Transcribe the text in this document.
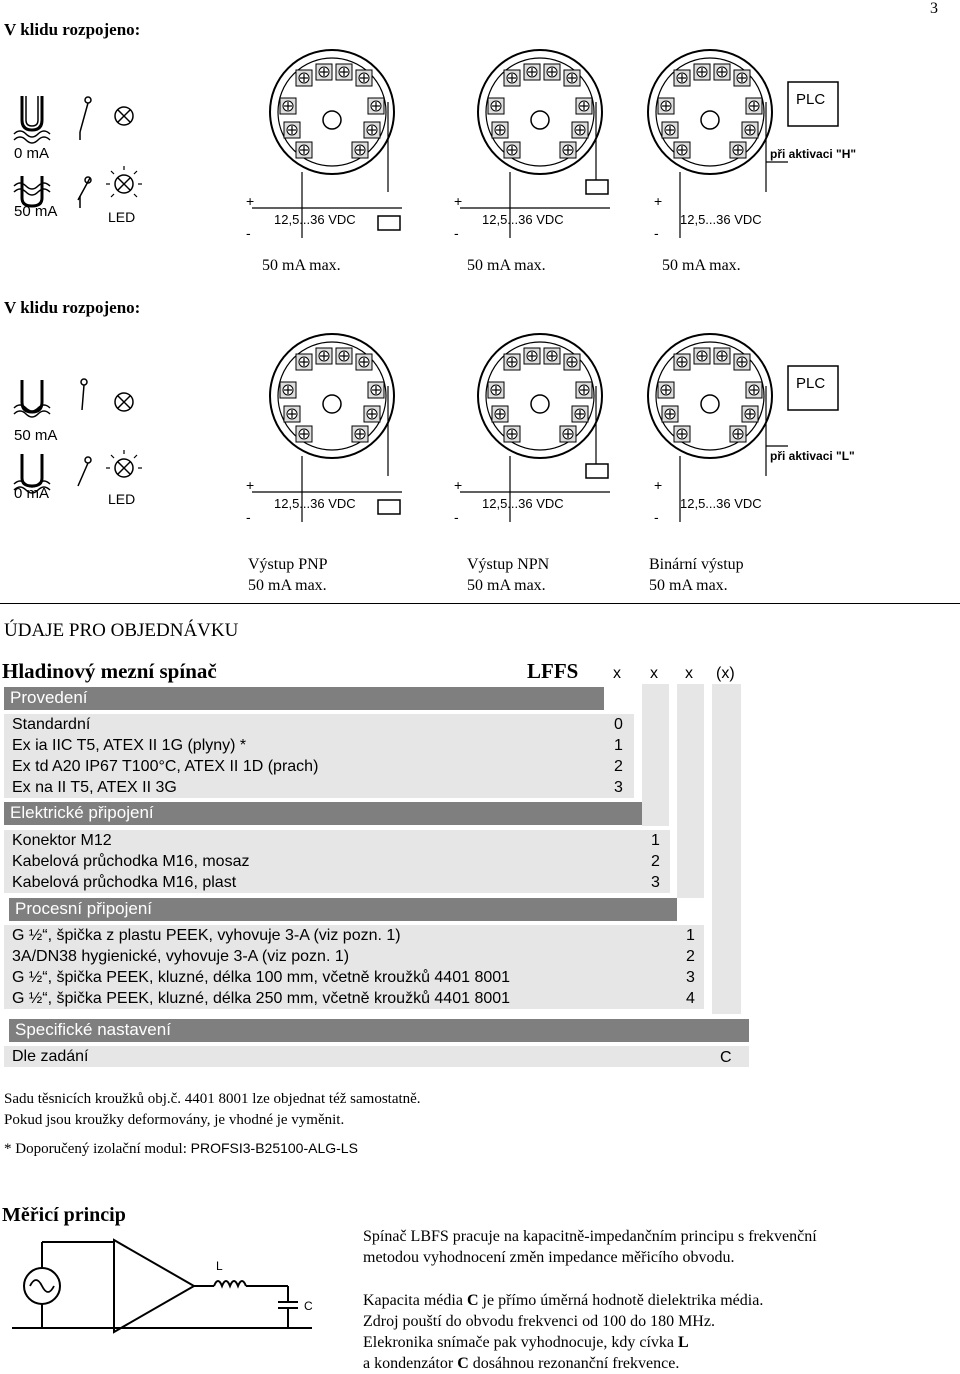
3
V klidu rozpojeno:
0 mA
50 mA	LED	12,5...36 VDC
+
-
12,5...36 VDC
+
-
PLC
při aktivaci "H"
12,5...36 VDC
+
-
12,5...36 VDC
+
-
12,5...36 VDC
+
-
PLC
při aktivaci "L"
12,5...36 VDC
+
-
50 mA max.	50 mA max.	50 mA max.
V klidu rozpojeno:
50 mA
0 mA	LED
Výstup PNP
50 mA max.
Výstup NPN
50 mA max.
Binární výstup
50 mA max.
ÚDAJE PRO OBJEDNÁVKU
Hladinový mezní spínač	LFFS x x x (x)
Provedení
Standardní	0
Ex ia IIC T5, ATEX II 1G (plyny) *	1
Ex td A20 IP67 T100°C, ATEX II 1D (prach)	2
Ex na II T5, ATEX II 3G	3
Elektrické připojení
Konektor M12	1
Kabelová průchodka M16, mosaz	2
Kabelová průchodka M16, plast	3
Procesní připojení
G ½“, špička z plastu PEEK, vyhovuje 3-A (viz pozn. 1)	1
3A/DN38 hygienické, vyhovuje 3-A (viz pozn. 1)	2
G ½“, špička PEEK, kluzné, délka 100 mm, včetně kroužků 4401 8001	3
G ½“, špička PEEK, kluzné, délka 250 mm, včetně kroužků 4401 8001	4
Specifické nastavení
Dle zadání	C
Sadu těsnicích kroužků obj.č. 4401 8001 lze objednat též samostatně.
Pokud jsou kroužky deformovány, je vhodné je vyměnit.
* Doporučený izolační modul: PROFSI3-B25100-ALG-LS
Měřicí princip
L
C
Spínač LBFS pracuje na kapacitně-impedančním principu s frekvenční
metodou vyhodnocení změn impedance měřicího obvodu.
Kapacita média C je přímo úměrná hodnotě dielektrika média.
Zdroj pouští do obvodu frekvenci od 100 do 180 MHz.
Elekronika snímače pak vyhodnocuje, kdy cívka L
a kondenzátor C dosáhnou rezonanční frekvence.
